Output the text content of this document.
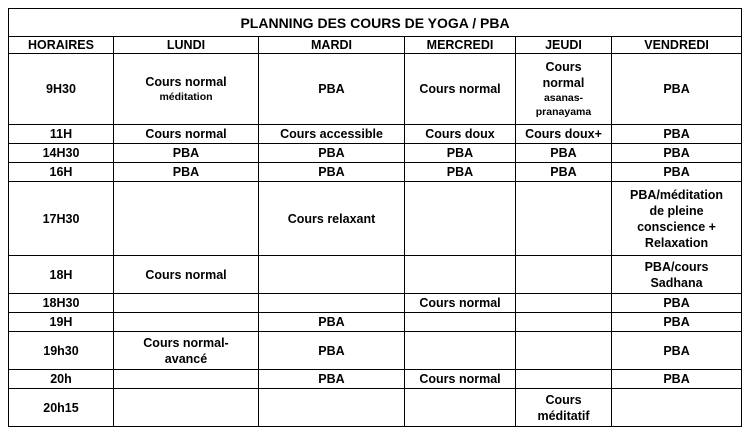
PLANNING DES COURS DE YOGA / PBA					
HORAIRES	LUNDI	MARDI	MERCREDI	JEUDI	VENDREDI
9H30	Cours normal
méditation	PBA	Cours normal	Cours
normal
asanas-
pranayama	PBA

11H	Cours normal	Cours accessible	Cours doux	Cours doux+	PBA

14H30	PBA	PBA	PBA	PBA	PBA

16H	PBA	PBA	PBA	PBA	PBA

17H30		Cours relaxant			PBA/méditation
de pleine
conscience +
Relaxation

18H	Cours normal				PBA/cours
Sadhana

18H30			Cours normal		PBA

19H		PBA			PBA

19h30	Cours normal-
avancé	PBA			PBA

20h		PBA	Cours normal		PBA

20h15				Cours
méditatif	
